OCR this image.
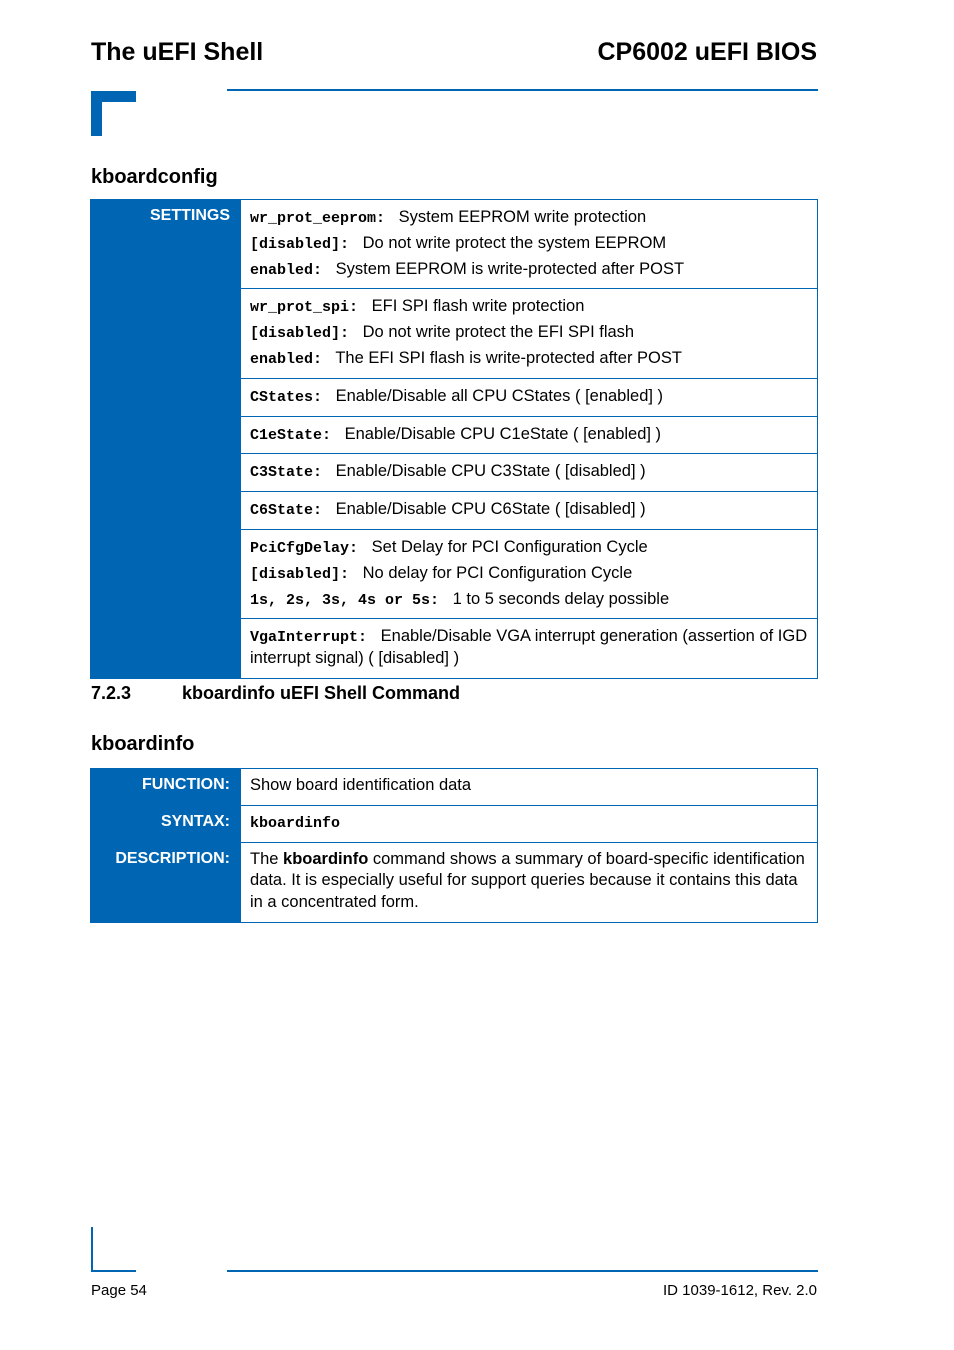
The uEFI Shell	CP6002 uEFI BIOS
kboardconfig
SETTINGS	wr_prot_eeprom: System EEPROM write protection
[disabled]: Do not write protect the system EEPROM
enabled: System EEPROM is write-protected after POST

wr_prot_spi: EFI SPI flash write protection
[disabled]: Do not write protect the EFI SPI flash
enabled: The EFI SPI flash is write-protected after POST

CStates: Enable/Disable all CPU CStates ( [enabled] )

C1eState: Enable/Disable CPU C1eState ( [enabled] )

C3State: Enable/Disable CPU C3State ( [disabled] )

C6State: Enable/Disable CPU C6State ( [disabled] )

PciCfgDelay: Set Delay for PCI Configuration Cycle
[disabled]: No delay for PCI Configuration Cycle
1s, 2s, 3s, 4s or 5s: 1 to 5 seconds delay possible

VgaInterrupt: Enable/Disable VGA interrupt generation (assertion of IGD interrupt signal) ( [disabled] )
7.2.3	kboardinfo uEFI Shell Command
kboardinfo
FUNCTION:	Show board identification data
SYNTAX:	kboardinfo
DESCRIPTION:	The kboardinfo command shows a summary of board-specific identification data. It is especially useful for support queries because it contains this data in a concentrated form.
Page 54	ID 1039-1612, Rev. 2.0
